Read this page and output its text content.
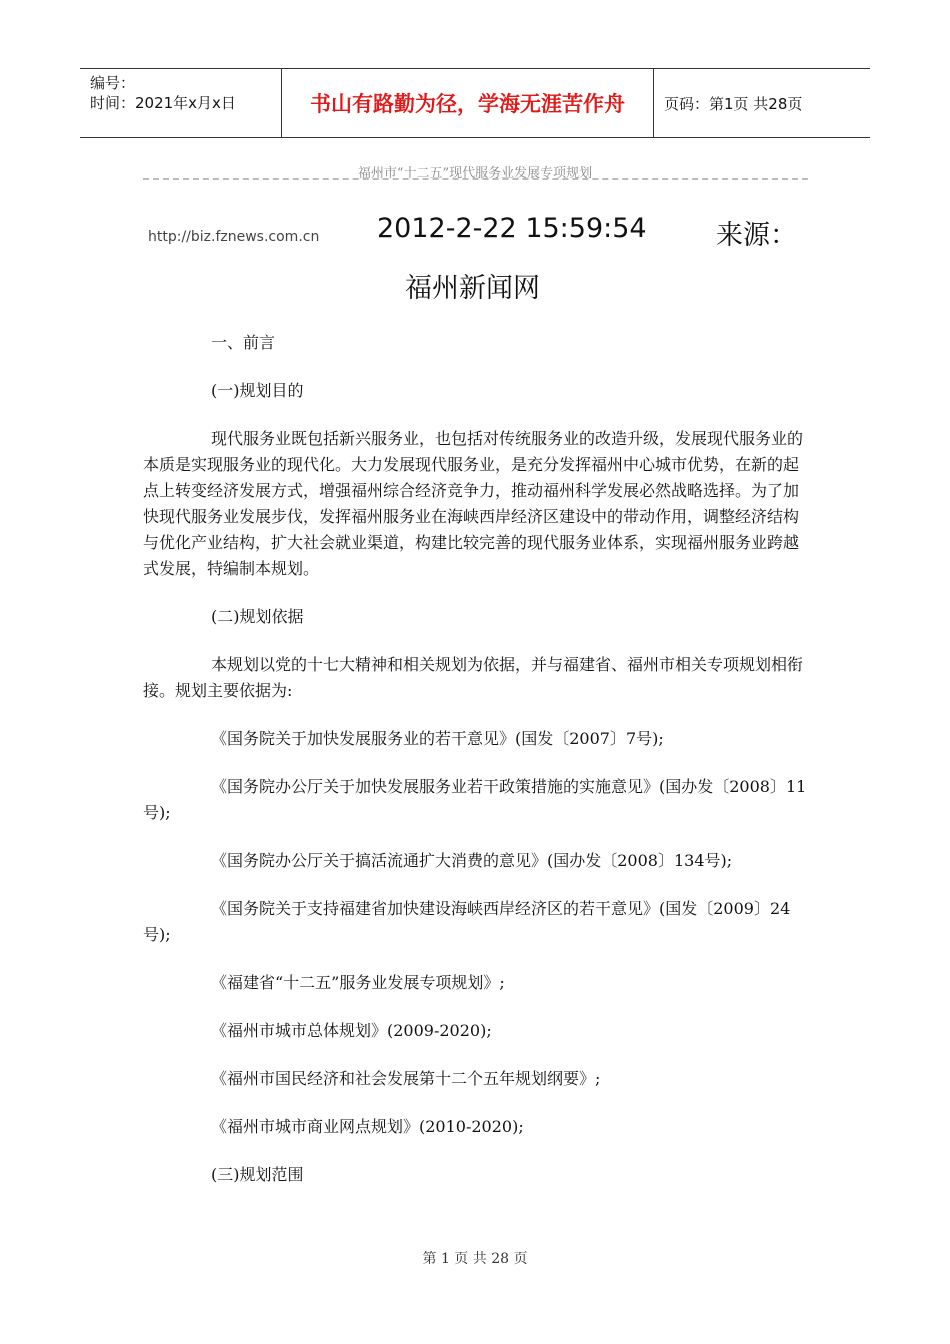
编号：
时间：2021年x月x日	书山有路勤为径，学海无涯苦作舟	页码：第1页 共28页
福州市“十二五”现代服务业发展专项规划
http://biz.fznews.com.cn 2012-2-22 15:59:54	来源：
福州新闻网

一、前言

(一)规划目的

现代服务业既包括新兴服务业，也包括对传统服务业的改造升级，发展现代服务业的本质是实现服务业的现代化。大力发展现代服务业，是充分发挥福州中心城市优势，在新的起点上转变经济发展方式，增强福州综合经济竞争力，推动福州科学发展必然战略选择。为了加快现代服务业发展步伐，发挥福州服务业在海峡西岸经济区建设中的带动作用，调整经济结构与优化产业结构，扩大社会就业渠道，构建比较完善的现代服务业体系，实现福州服务业跨越式发展，特编制本规划。

(二)规划依据

本规划以党的十七大精神和相关规划为依据，并与福建省、福州市相关专项规划相衔接。规划主要依据为:

《国务院关于加快发展服务业的若干意见》(国发〔2007〕7号);

《国务院办公厅关于加快发展服务业若干政策措施的实施意见》(国办发〔2008〕11号);

《国务院办公厅关于搞活流通扩大消费的意见》(国办发〔2008〕134号);

《国务院关于支持福建省加快建设海峡西岸经济区的若干意见》(国发〔2009〕24号);

《福建省“十二五”服务业发展专项规划》;

《福州市城市总体规划》(2009-2020);

《福州市国民经济和社会发展第十二个五年规划纲要》;

《福州市城市商业网点规划》(2010-2020);

(三)规划范围

第 1 页 共 28 页
